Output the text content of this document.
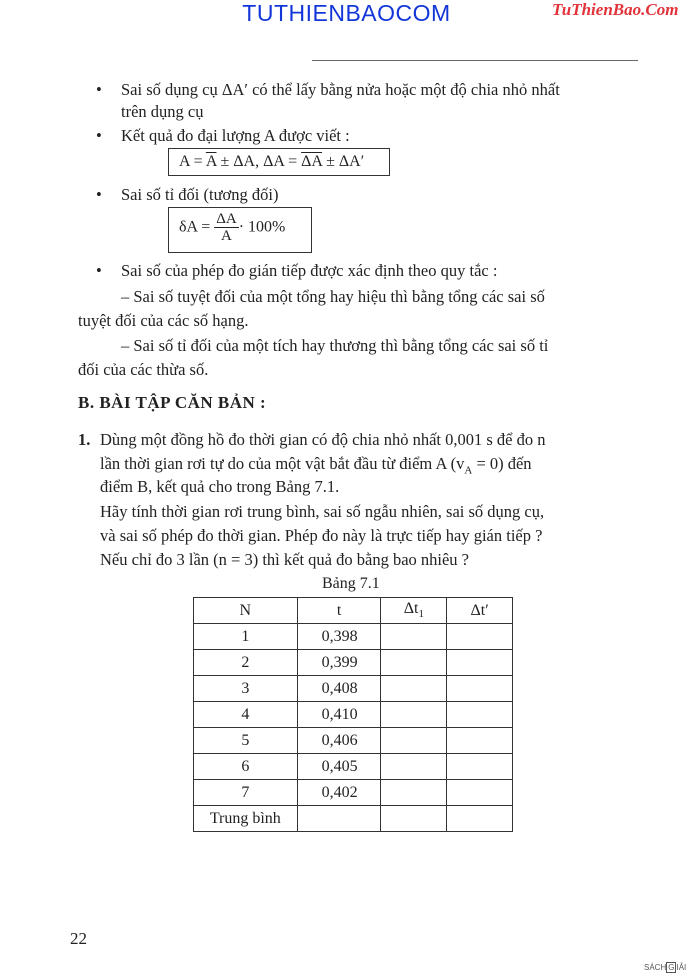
TUTHIENBAOCOM	TuThienBao.Com
• Sai số dụng cụ ΔA′ có thể lấy bằng nửa hoặc một độ chia nhỏ nhất
trên dụng cụ
• Kết quả đo đại lượng A được viết :
$A = \overline{A} \pm \Delta A$, $\Delta A = \overline{\Delta A} \pm \Delta A'$
• Sai số tỉ đối (tương đối)
$\delta A = \frac{\Delta A}{A} \cdot 100\%$
• Sai số của phép đo gián tiếp được xác định theo quy tắc :
– Sai số tuyệt đối của một tổng hay hiệu thì bằng tổng các sai số
tuyệt đối của các số hạng.
– Sai số tỉ đối của một tích hay thương thì bằng tổng các sai số tỉ
đối của các thừa số.
B. BÀI TẬP CĂN BẢN :
1. Dùng một đồng hồ đo thời gian có độ chia nhỏ nhất 0,001 s để đo n
lần thời gian rơi tự do của một vật bắt đầu từ điểm A $(v_A = 0)$ đến
điểm B, kết quả cho trong Bảng 7.1.
Hãy tính thời gian rơi trung bình, sai số ngẫu nhiên, sai số dụng cụ,
và sai số phép đo thời gian. Phép đo này là trực tiếp hay gián tiếp ?
Nếu chỉ đo 3 lần (n = 3) thì kết quả đo bằng bao nhiêu ?
Bảng 7.1
N	t	$\Delta t_1$	Δt′
1	0,398		
2	0,399		
3	0,408		
4	0,410		
5	0,406		
6	0,405		
7	0,402		
Trung bình			
22
SÁCH G IẢI
